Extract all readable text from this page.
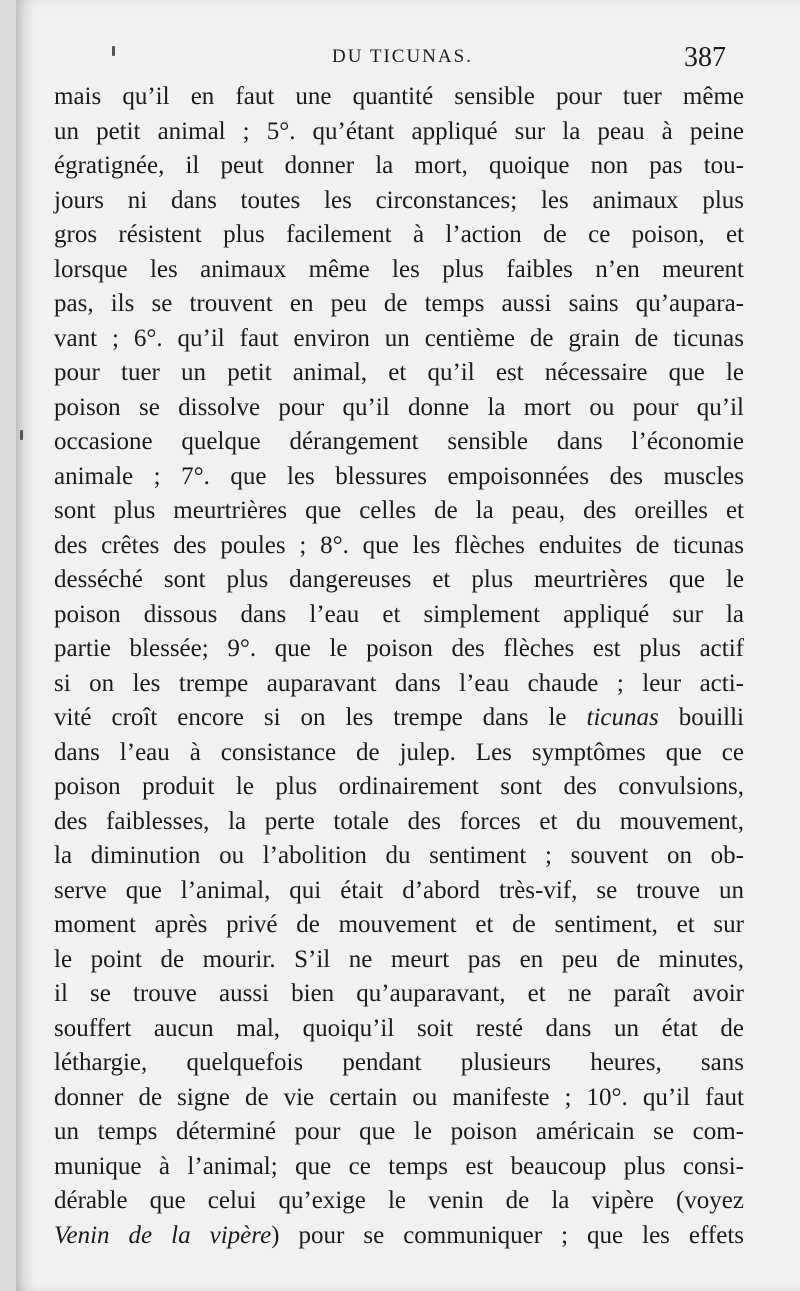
DU TICUNAS.	387
mais qu’il en faut une quantité sensible pour tuer même
un petit animal ; 5°. qu’étant appliqué sur la peau à peine
égratignée, il peut donner la mort, quoique non pas tou-
jours ni dans toutes les circonstances; les animaux plus
gros résistent plus facilement à l’action de ce poison, et
lorsque les animaux même les plus faibles n’en meurent
pas, ils se trouvent en peu de temps aussi sains qu’aupara-
vant ; 6°. qu’il faut environ un centième de grain de ticunas
pour tuer un petit animal, et qu’il est nécessaire que le
poison se dissolve pour qu’il donne la mort ou pour qu’il
occasione quelque dérangement sensible dans l’économie
animale ; 7°. que les blessures empoisonnées des muscles
sont plus meurtrières que celles de la peau, des oreilles et
des crêtes des poules ; 8°. que les flèches enduites de ticunas
desséché sont plus dangereuses et plus meurtrières que le
poison dissous dans l’eau et simplement appliqué sur la
partie blessée; 9°. que le poison des flèches est plus actif
si on les trempe auparavant dans l’eau chaude ; leur acti-
vité croît encore si on les trempe dans le ticunas bouilli
dans l’eau à consistance de julep. Les symptômes que ce
poison produit le plus ordinairement sont des convulsions,
des faiblesses, la perte totale des forces et du mouvement,
la diminution ou l’abolition du sentiment ; souvent on ob-
serve que l’animal, qui était d’abord très-vif, se trouve un
moment après privé de mouvement et de sentiment, et sur
le point de mourir. S’il ne meurt pas en peu de minutes,
il se trouve aussi bien qu’auparavant, et ne paraît avoir
souffert aucun mal, quoiqu’il soit resté dans un état de
léthargie, quelquefois pendant plusieurs heures, sans
donner de signe de vie certain ou manifeste ; 10°. qu’il faut
un temps déterminé pour que le poison américain se com-
munique à l’animal; que ce temps est beaucoup plus consi-
dérable que celui qu’exige le venin de la vipère (voyez
Venin de la vipère) pour se communiquer ; que les effets
